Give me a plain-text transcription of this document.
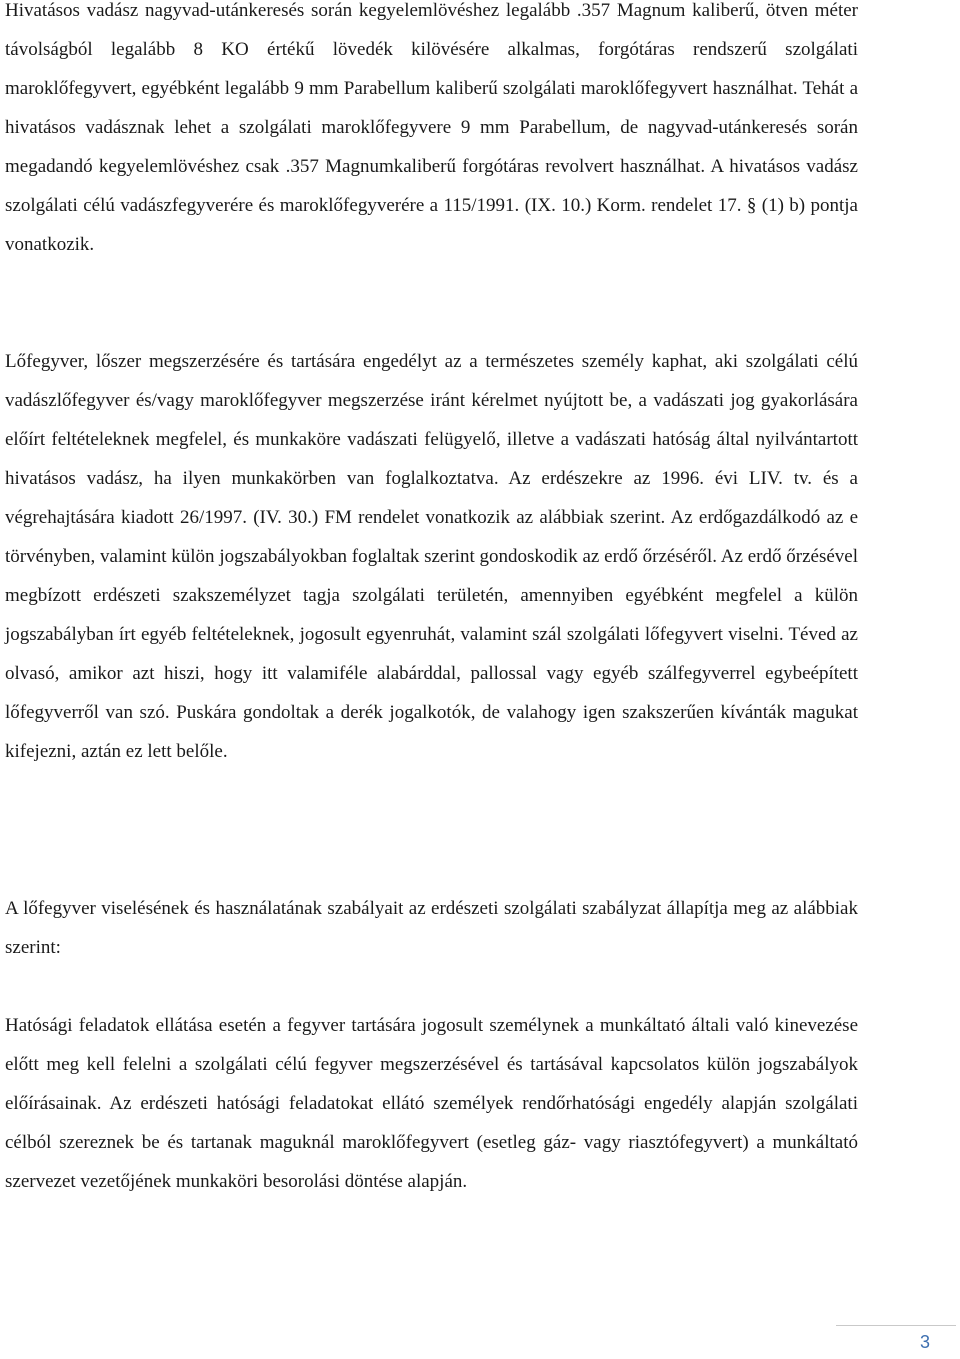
Hivatásos vadász nagyvad-utánkeresés során kegyelemlövéshez legalább .357 Magnum kaliberű, ötven méter távolságból legalább 8 KO értékű lövedék kilövésére alkalmas, forgótáras rendszerű szolgálati maroklőfegyvert, egyébként legalább 9 mm Parabellum kaliberű szolgálati maroklőfegyvert használhat. Tehát a hivatásos vadásznak lehet a szolgálati maroklőfegyvere 9 mm Parabellum, de nagyvad-utánkeresés során megadandó kegyelemlövéshez csak .357 Magnumkaliberű forgótáras revolvert használhat. A hivatásos vadász szolgálati célú vadászfegyverére és maroklőfegyverére a 115/1991. (IX. 10.) Korm. rendelet 17. § (1) b) pontja vonatkozik.

Lőfegyver, lőszer megszerzésére és tartására engedélyt az a természetes személy kaphat, aki szolgálati célú vadászlőfegyver és/vagy maroklőfegyver megszerzése iránt kérelmet nyújtott be, a vadászati jog gyakorlására előírt feltételeknek megfelel, és munkaköre vadászati felügyelő, illetve a vadászati hatóság által nyilvántartott hivatásos vadász, ha ilyen munkakörben van foglalkoztatva. Az erdészekre az 1996. évi LIV. tv. és a végrehajtására kiadott 26/1997. (IV. 30.) FM rendelet vonatkozik az alábbiak szerint. Az erdőgazdálkodó az e törvényben, valamint külön jogszabályokban foglaltak szerint gondoskodik az erdő őrzéséről. Az erdő őrzésével megbízott erdészeti szakszemélyzet tagja szolgálati területén, amennyiben egyébként megfelel a külön jogszabályban írt egyéb feltételeknek, jogosult egyenruhát, valamint szál szolgálati lőfegyvert viselni. Téved az olvasó, amikor azt hiszi, hogy itt valamiféle alabárddal, pallossal vagy egyéb szálfegyverrel egybeépített lőfegyverről van szó. Puskára gondoltak a derék jogalkotók, de valahogy igen szakszerűen kívánták magukat kifejezni, aztán ez lett belőle.

A lőfegyver viselésének és használatának szabályait az erdészeti szolgálati szabályzat állapítja meg az alábbiak szerint:

Hatósági feladatok ellátása esetén a fegyver tartására jogosult személynek a munkáltató általi való kinevezése előtt meg kell felelni a szolgálati célú fegyver megszerzésével és tartásával kapcsolatos külön jogszabályok előírásainak. Az erdészeti hatósági feladatokat ellátó személyek rendőrhatósági engedély alapján szolgálati célból szereznek be és tartanak maguknál maroklőfegyvert (esetleg gáz- vagy riasztófegyvert) a munkáltató szervezet vezetőjének munkaköri besorolási döntése alapján.

3
